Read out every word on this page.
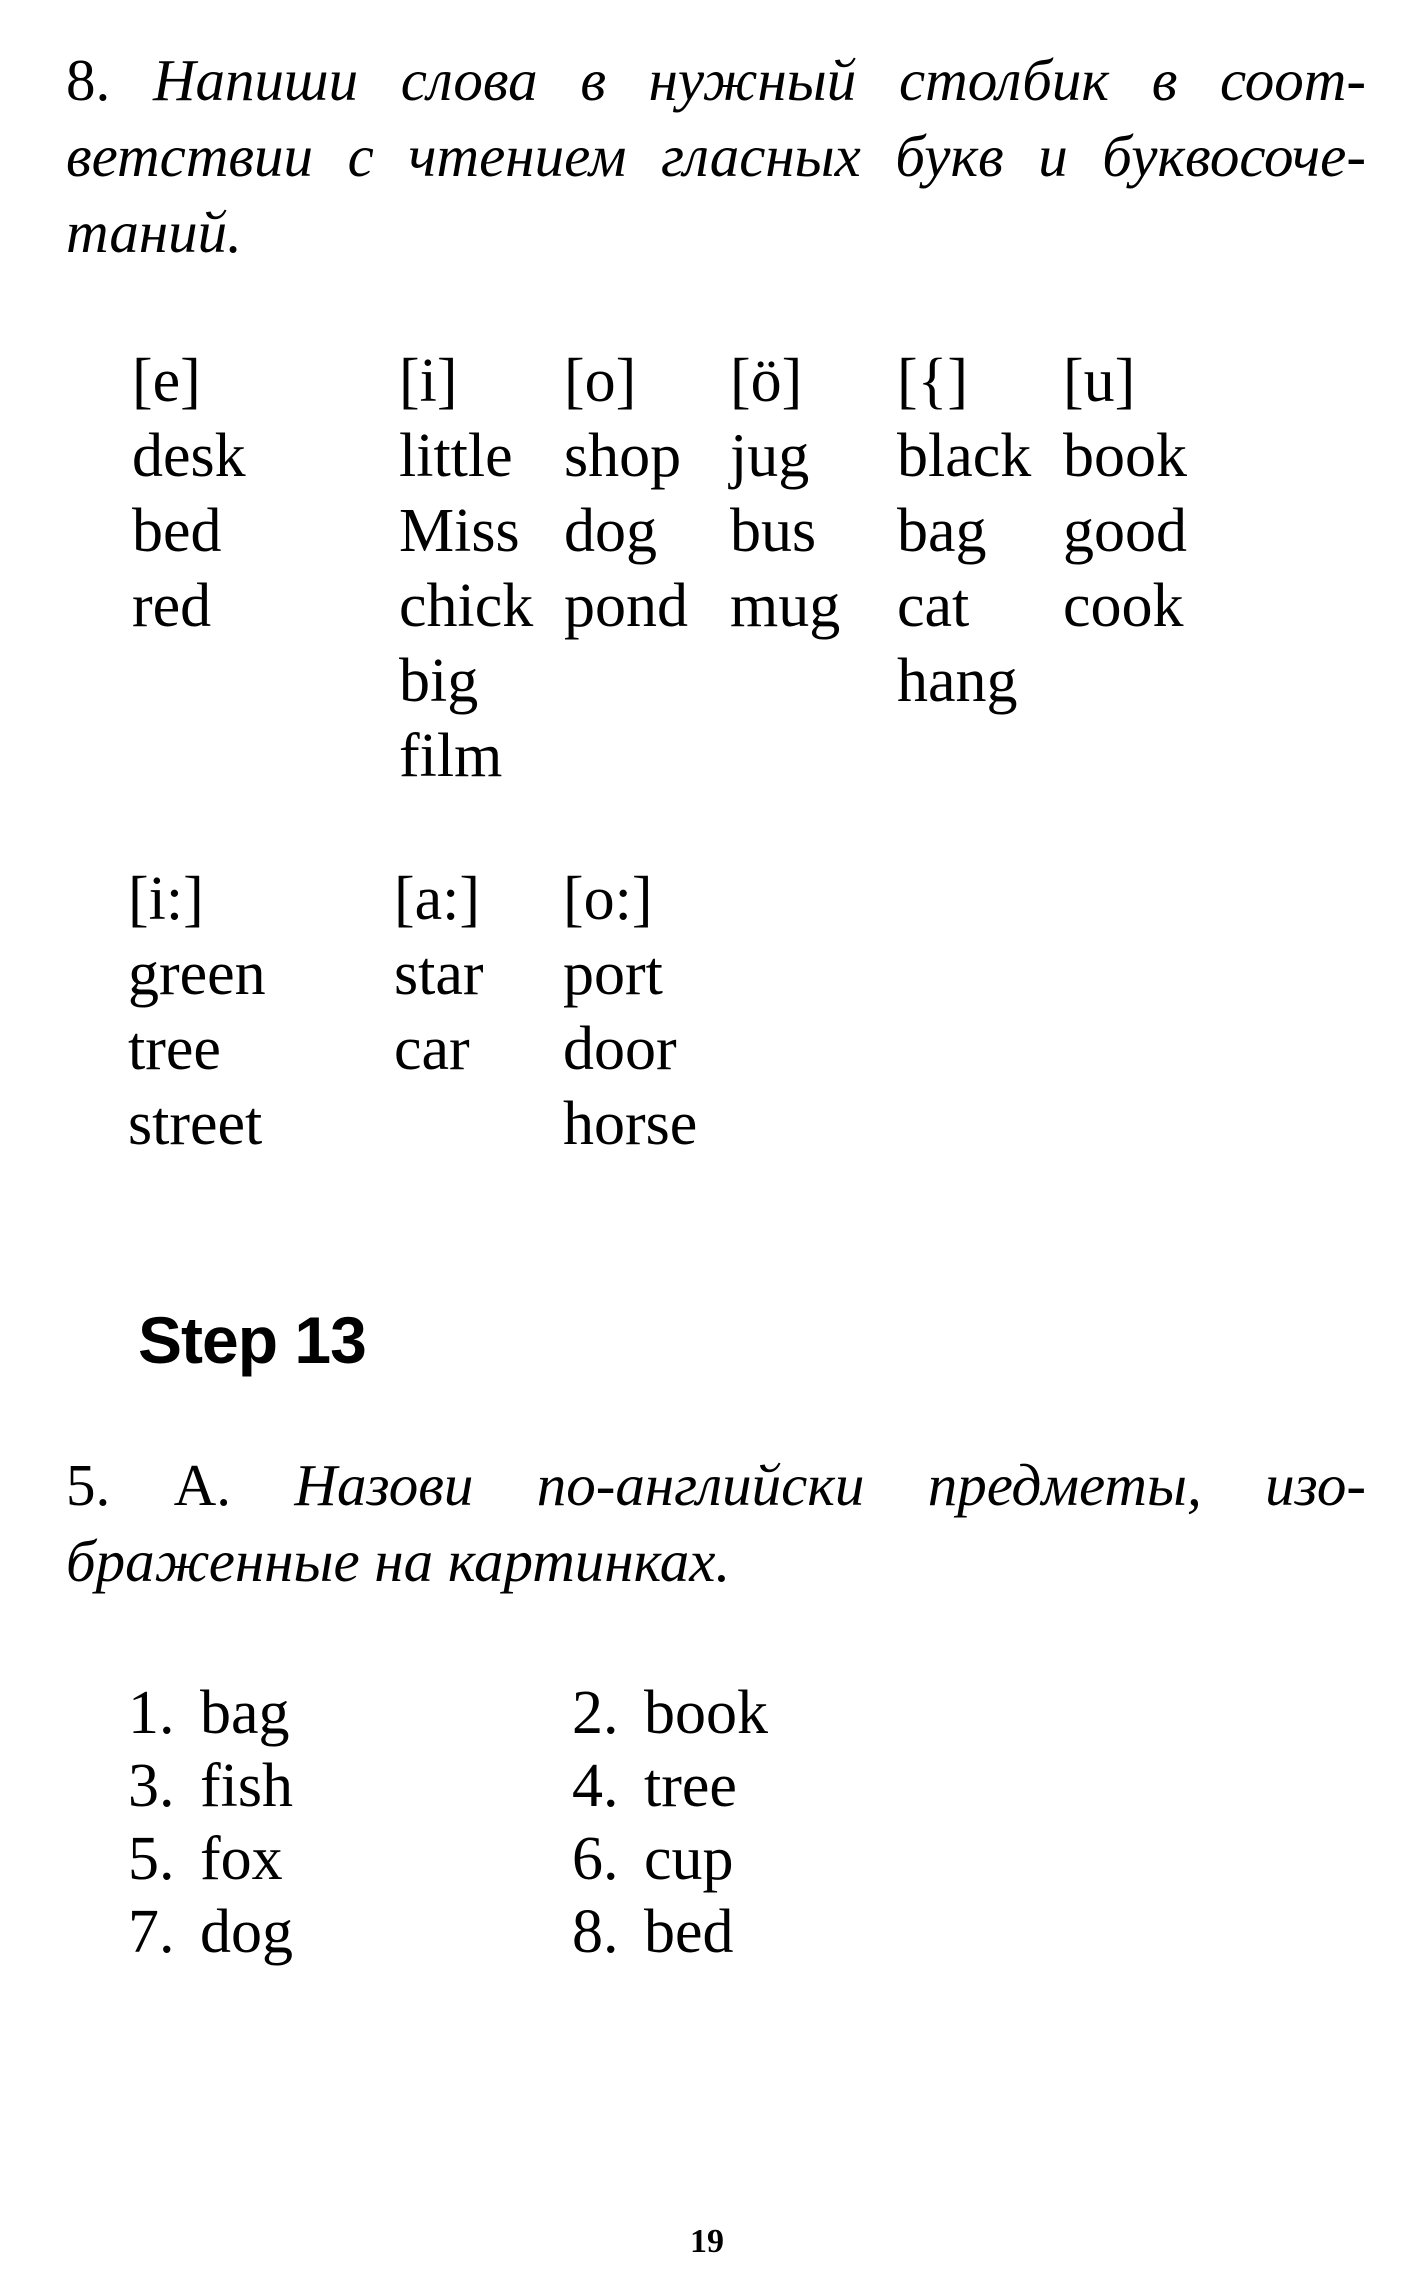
8. Напиши слова в нужный столбик в соот-
ветствии с чтением гласных букв и буквосоче-
таний.
[e]
desk
bed
red
[i]
little
Miss
chick
big
film
[o]
shop
dog
pond
[ö]
jug
bus
mug
[{]
black
bag
cat
hang
[u]
book
good
cook
[i:]
green
tree
street
[a:]
star
car
[o:]
port
door
horse
Step 13
5. А. Назови по-английски предметы, изо-
браженные на картинках.
1. bag
3. fish
5. fox
7. dog
2. book
4. tree
6. cup
8. bed

19
